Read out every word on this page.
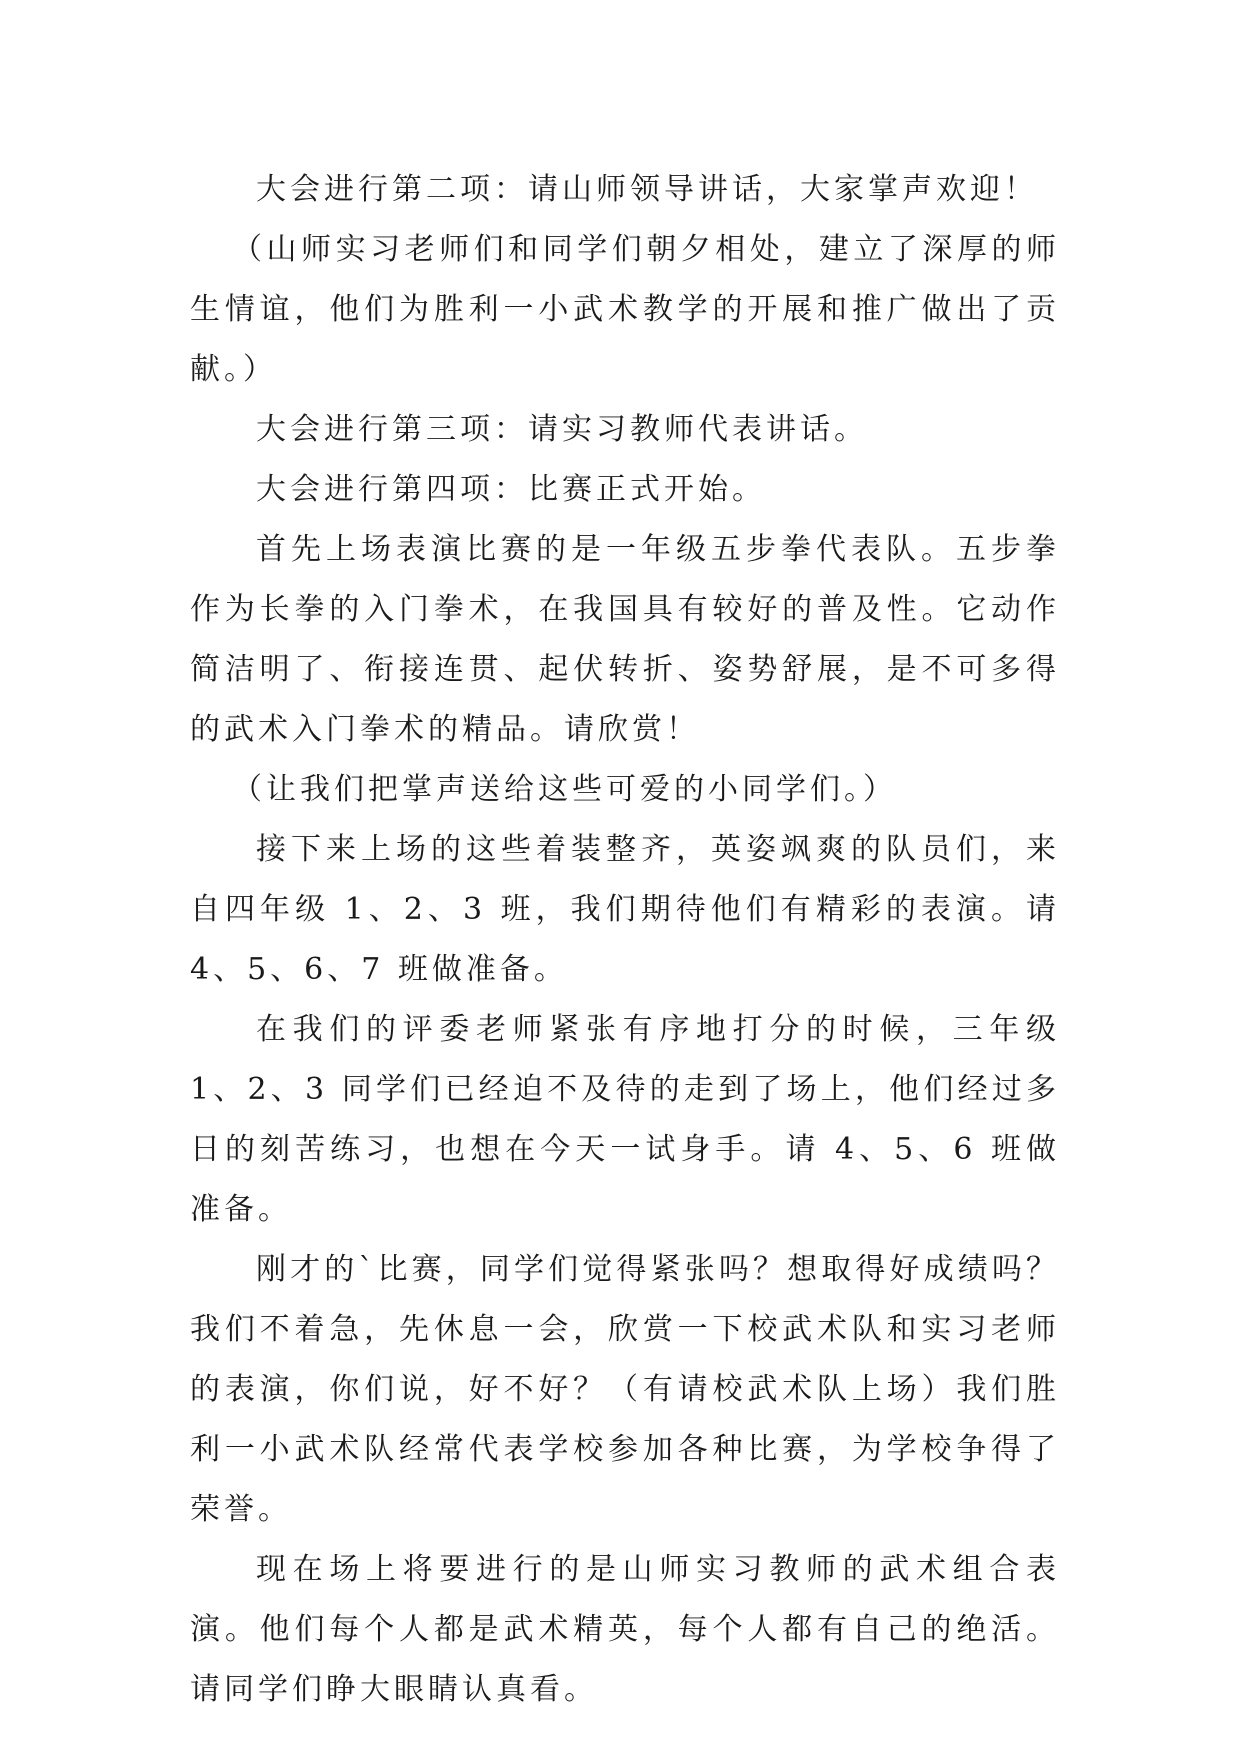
大会进行第二项：请山师领导讲话，大家掌声欢迎！

（山师实习老师们和同学们朝夕相处，建立了深厚的师生情谊，他们为胜利一小武术教学的开展和推广做出了贡献。）

大会进行第三项：请实习教师代表讲话。

大会进行第四项：比赛正式开始。

首先上场表演比赛的是一年级五步拳代表队。五步拳作为长拳的入门拳术，在我国具有较好的普及性。它动作简洁明了、衔接连贯、起伏转折、姿势舒展，是不可多得的武术入门拳术的精品。请欣赏！

（让我们把掌声送给这些可爱的小同学们。）

接下来上场的这些着装整齐，英姿飒爽的队员们，来自四年级 1、2、3 班，我们期待他们有精彩的表演。请 4、5、6、7 班做准备。

在我们的评委老师紧张有序地打分的时候，三年级 1、2、3 同学们已经迫不及待的走到了场上，他们经过多日的刻苦练习，也想在今天一试身手。请 4、5、6 班做准备。

刚才的`比赛，同学们觉得紧张吗？想取得好成绩吗？我们不着急，先休息一会，欣赏一下校武术队和实习老师的表演，你们说，好不好？（有请校武术队上场）我们胜利一小武术队经常代表学校参加各种比赛，为学校争得了荣誉。

现在场上将要进行的是山师实习教师的武术组合表演。他们每个人都是武术精英，每个人都有自己的绝活。请同学们睁大眼睛认真看。
